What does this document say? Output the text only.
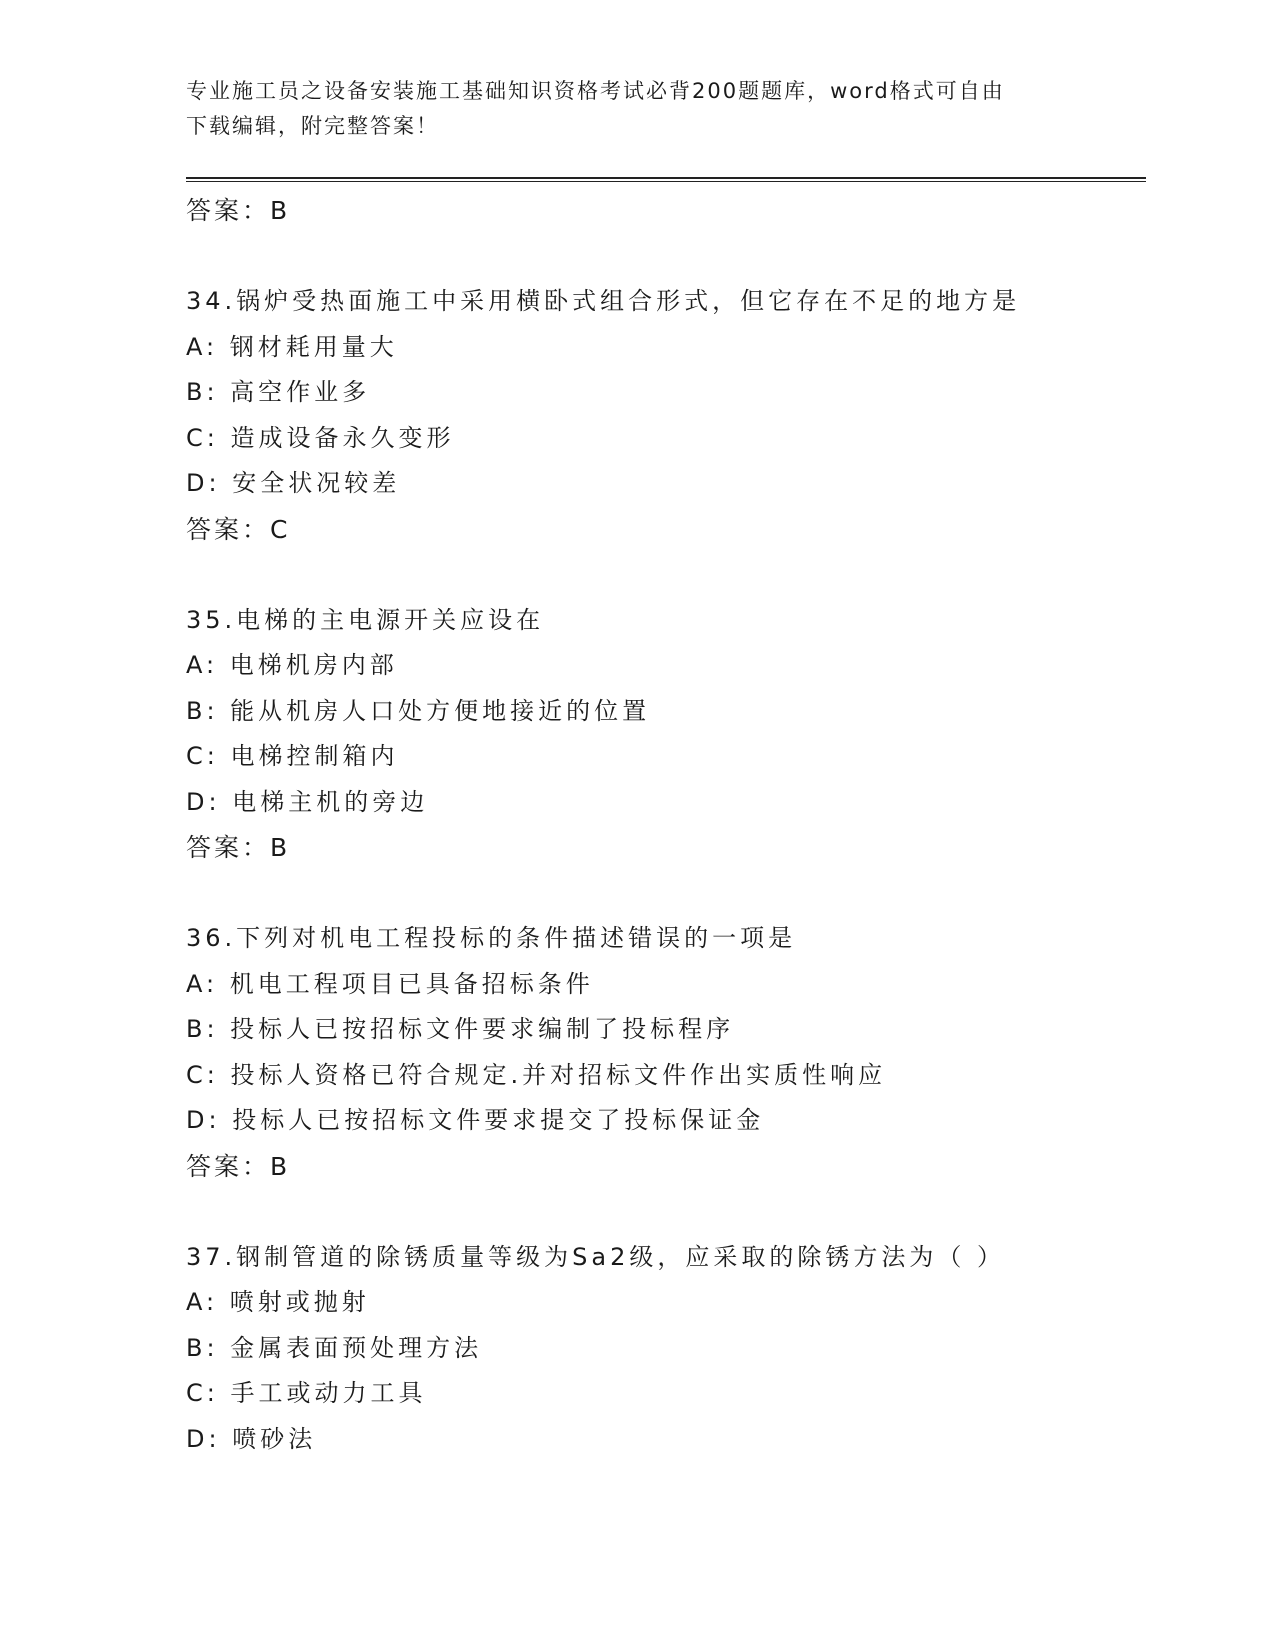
专业施工员之设备安装施工基础知识资格考试必背200题题库，word格式可自由
下载编辑，附完整答案！
答案：B
34.锅炉受热面施工中采用横卧式组合形式，但它存在不足的地方是
A: 钢材耗用量大
B: 高空作业多
C: 造成设备永久变形
D: 安全状况较差
答案：C
35.电梯的主电源开关应设在
A: 电梯机房内部
B: 能从机房人口处方便地接近的位置
C: 电梯控制箱内
D: 电梯主机的旁边
答案：B
36.下列对机电工程投标的条件描述错误的一项是
A: 机电工程项目已具备招标条件
B: 投标人已按招标文件要求编制了投标程序
C: 投标人资格已符合规定.并对招标文件作出实质性响应
D: 投标人已按招标文件要求提交了投标保证金
答案：B
37.钢制管道的除锈质量等级为Sa2级，应采取的除锈方法为（ ）
A: 喷射或抛射
B: 金属表面预处理方法
C: 手工或动力工具
D: 喷砂法
